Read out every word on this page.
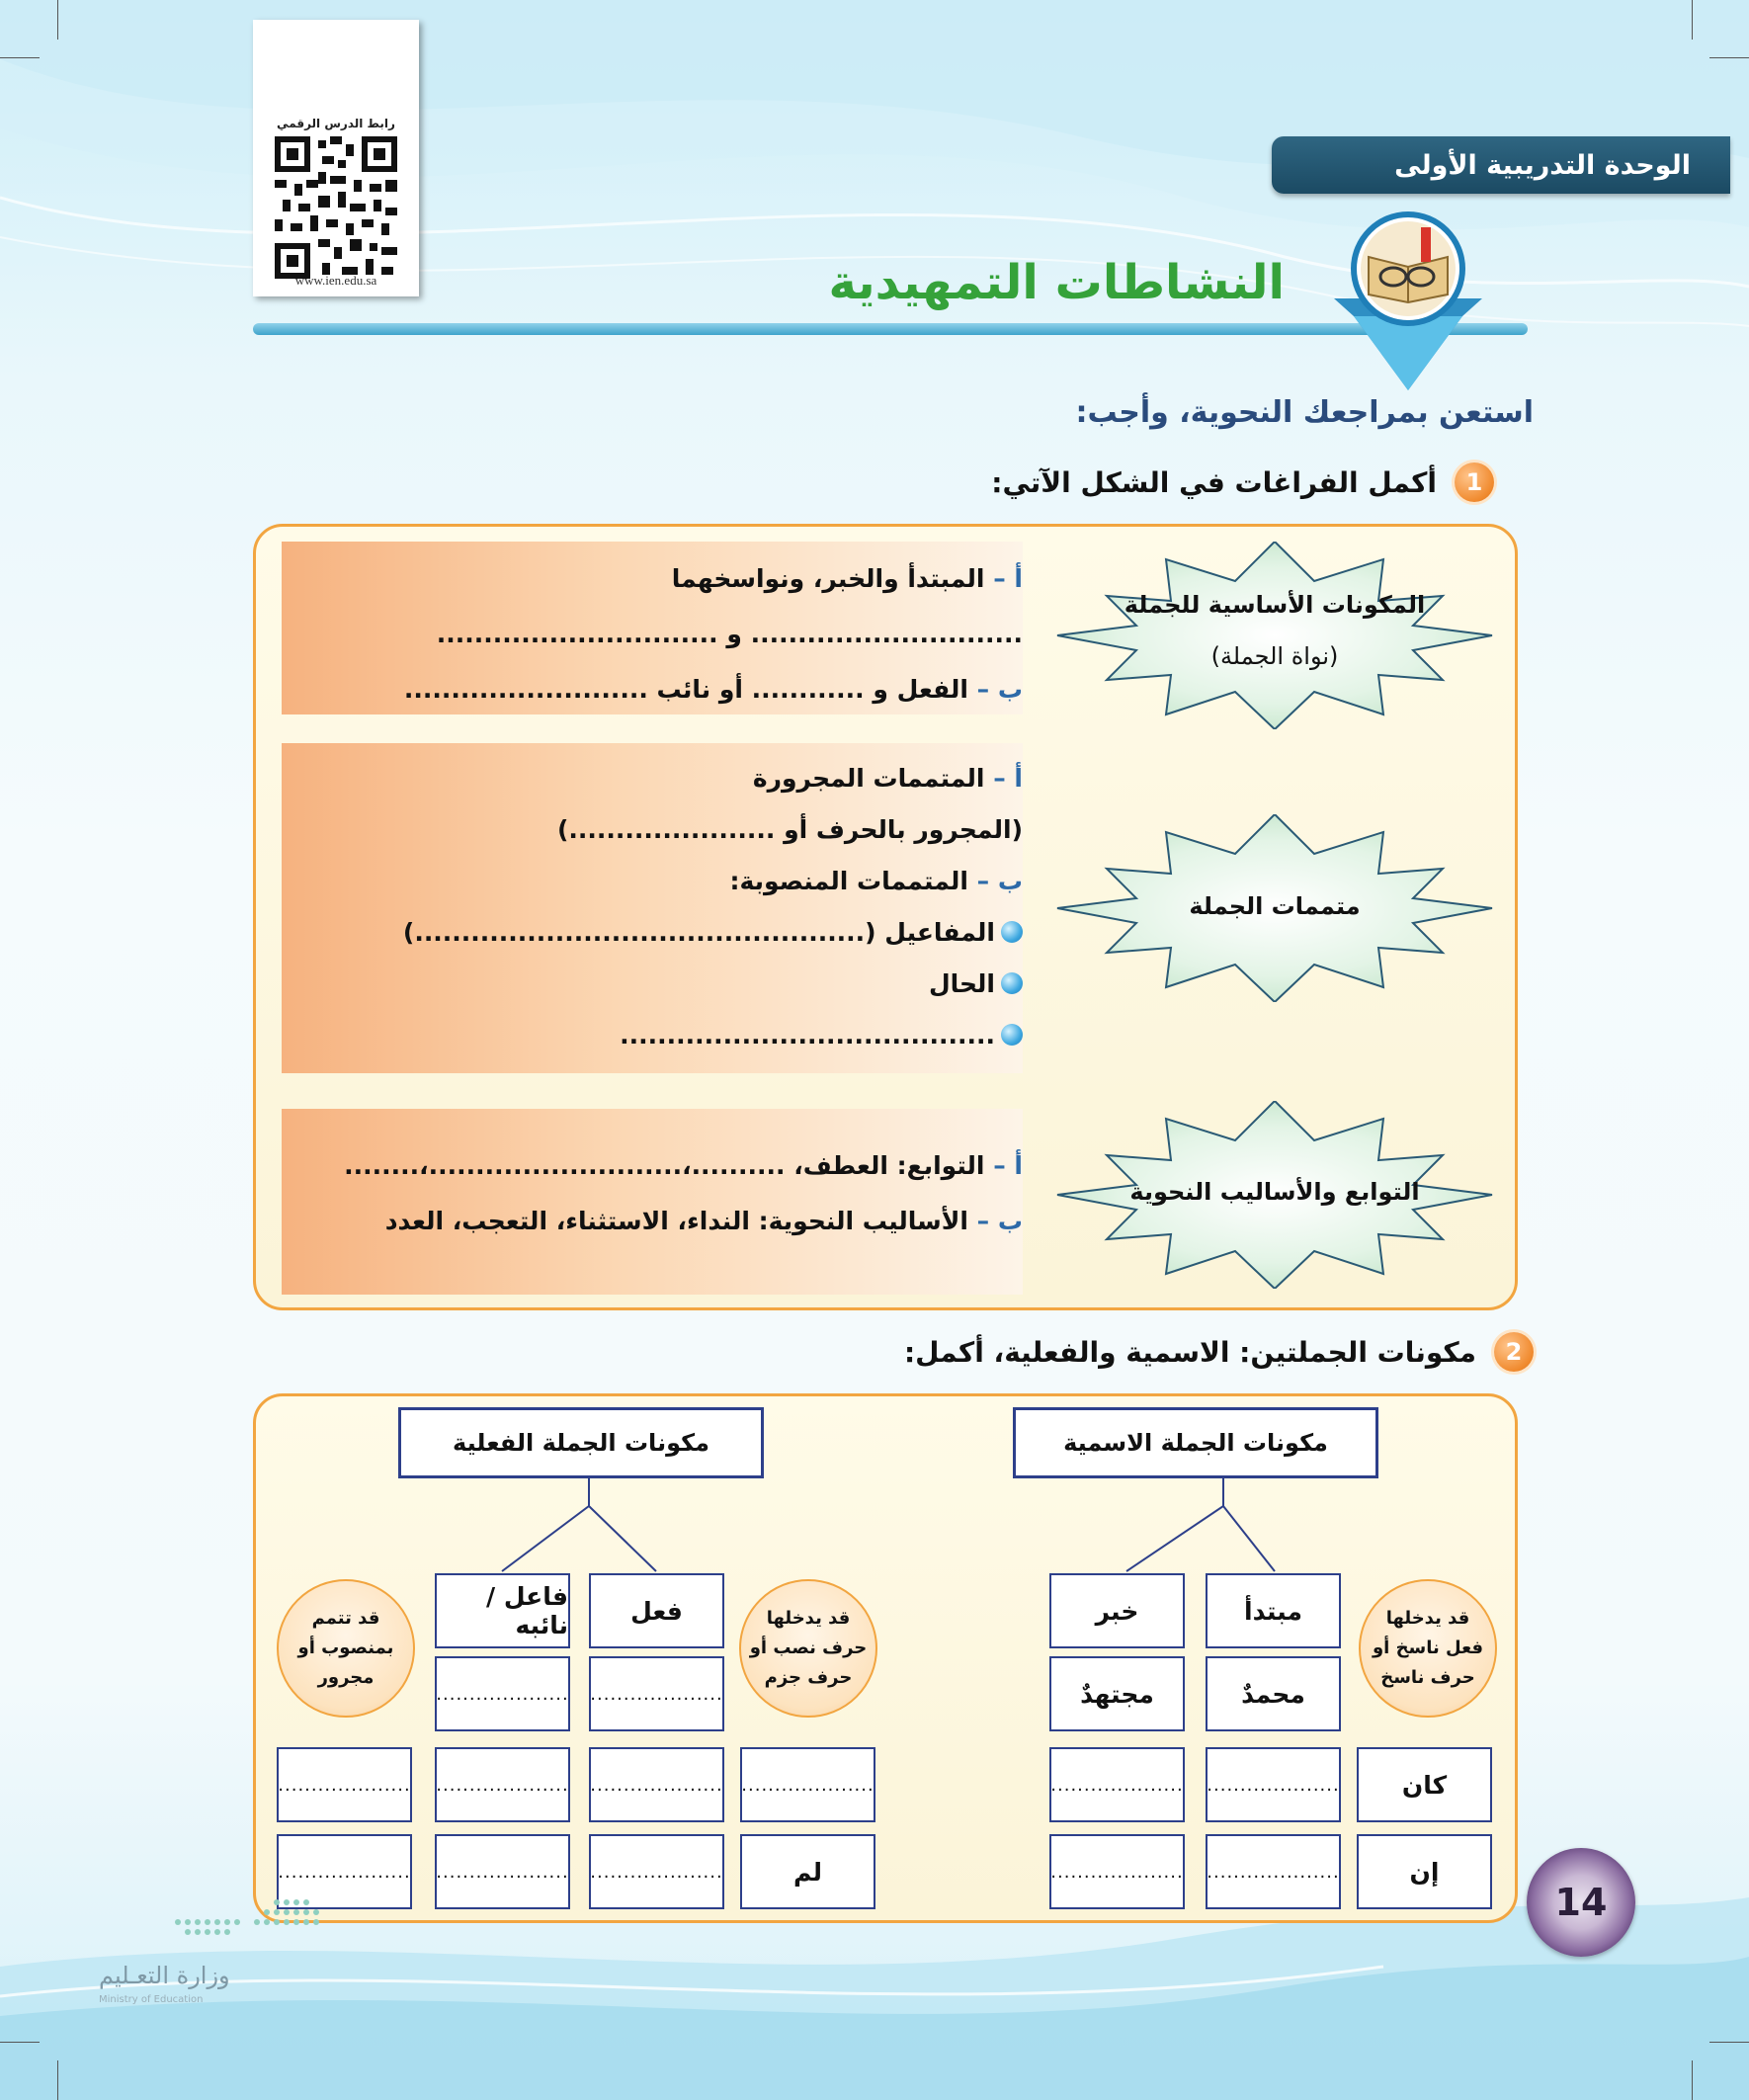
رابط الدرس الرقمي
www.ien.edu.sa
الوحدة التدريبية الأولى
النشاطات التمهيدية
استعن بمراجعك النحوية، وأجب:
1
أكمل الفراغات في الشكل الآتي:
أ – المبتدأ والخبر، ونواسخهما
............................. و ..............................
ب – الفعل و ............ أو نائب ..........................
أ – المتممات المجرورة
(المجرور بالحرف أو ......................)
ب – المتممات المنصوبة:
المفاعيل (................................................)
الحال
........................................
أ – التوابع: العطف، ..........،...........................،........
ب – الأساليب النحوية: النداء، الاستثناء، التعجب، العدد
المكونات الأساسية للجملة
(نواة الجملة)
متممات الجملة
التوابع والأساليب النحوية
2
مكونات الجملتين: الاسمية والفعلية، أكمل:
مكونات الجملة الاسمية
مكونات الجملة الفعلية
قد يدخلها فعل ناسخ أو حرف ناسخ
قد يدخلها حرف نصب أو حرف جزم
قد تتمم بمنصوب أو مجرور
مبتدأ
خبر
محمدٌ
مجتهدٌ
كان
....................
....................
إن
....................
....................
فعل
فاعل / نائبه
....................
....................
....................
....................
....................
....................
لم
....................
....................
....................
14
وزارة التعـليم
Ministry of Education
